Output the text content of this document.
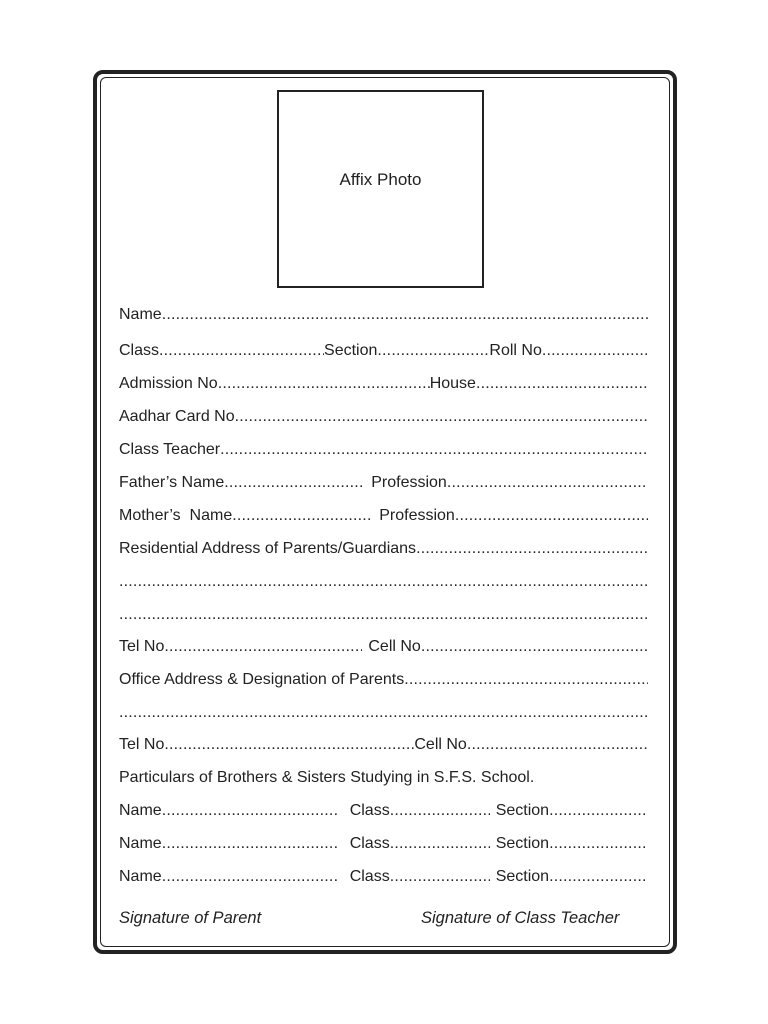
Affix Photo
Name
.....
Class .....	Section .....	Roll No
.....
Admission No .....	House
.....
Aadhar Card No
.....
Class Teacher
.....
Father’s Name .....	Profession
.....
Mother’s  Name .....	Profession
.....
Residential Address of Parents/Guardians
.....
.....
.....
Tel No .....	Cell No
.....
Office Address & Designation of Parents
.....
.....
Tel No .....	Cell No
.....
Particulars of Brothers & Sisters Studying in S.F.S. School.
Name .....	Class .....	Section
.....
Name .....	Class .....	Section
.....
Name .....	Class .....	Section
.....
Signature of Parent	Signature of Class Teacher
